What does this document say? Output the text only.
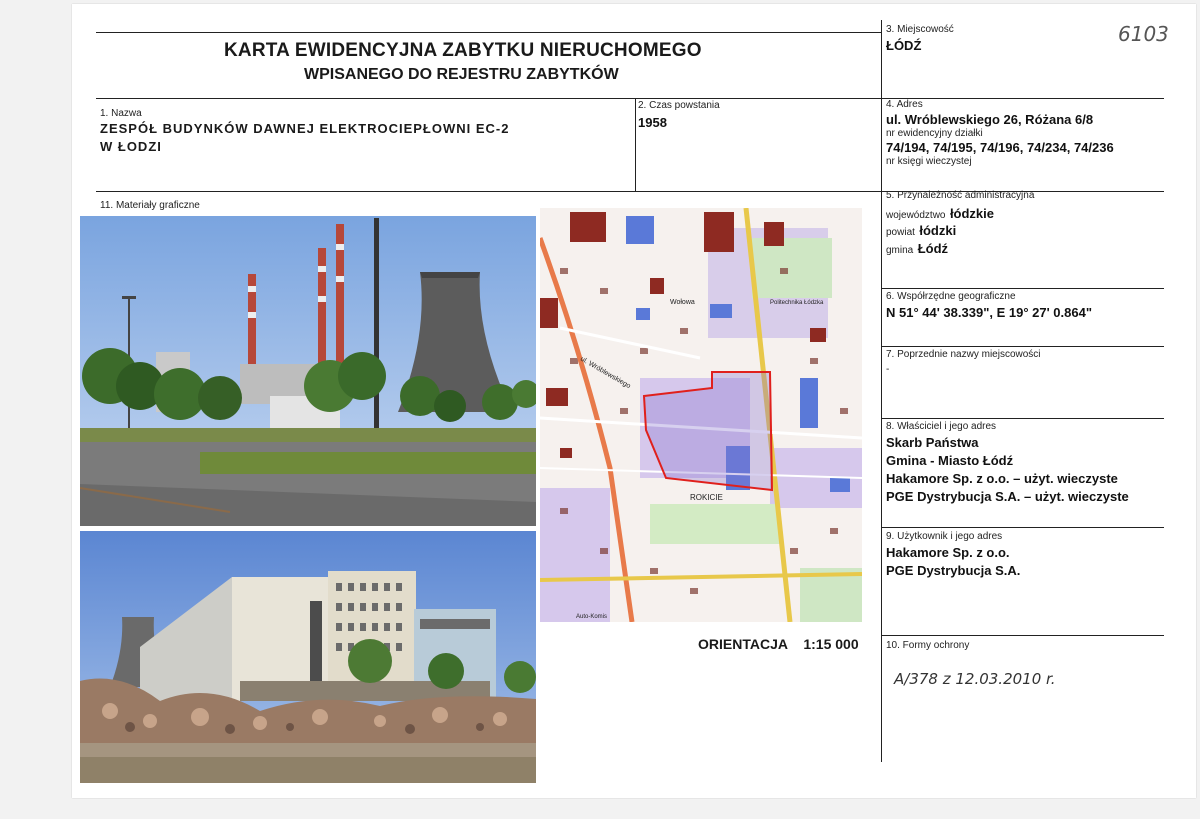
KARTA EWIDENCYJNA ZABYTKU NIERUCHOMEGO
WPISANEGO DO REJESTRU ZABYTKÓW
6103
3. Miejscowość
ŁÓDŹ
1. Nazwa
ZESPÓŁ BUDYNKÓW DAWNEJ ELEKTROCIEPŁOWNI EC-2
W ŁODZI
2. Czas powstania
1958
4. Adres
ul. Wróblewskiego 26, Różana 6/8
nr ewidencyjny działki
74/194, 74/195, 74/196, 74/234, 74/236
nr księgi wieczystej
5. Przynależność administracyjna
województwo łódzkie
powiat łódzki
gmina Łódź
6. Współrzędne geograficzne
N 51° 44' 38.339", E 19° 27' 0.864"
7. Poprzednie nazwy miejscowości
-
8. Właściciel i jego adres
Skarb Państwa
Gmina - Miasto Łódź
Hakamore Sp. z o.o. – użyt. wieczyste
PGE Dystrybucja S.A. – użyt. wieczyste
9. Użytkownik i jego adres
Hakamore Sp. z o.o.
PGE Dystrybucja S.A.
10. Formy ochrony
A/378 z 12.03.2010 r.
11. Materiały graficzne
ul. Wróblewskiego
Wołowa	Politechnika Łódzka
ROKICIE
Auto-Komis
ORIENTACJA 1:15 000
